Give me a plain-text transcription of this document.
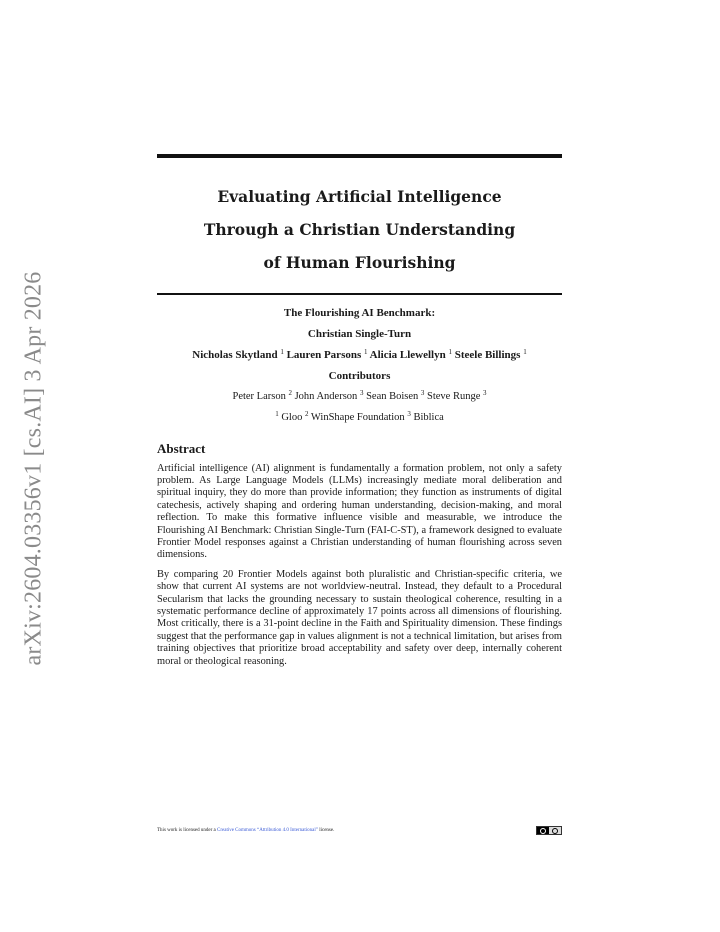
arXiv:2604.03356v1 [cs.AI] 3 Apr 2026
Evaluating Artificial Intelligence
Through a Christian Understanding
of Human Flourishing
The Flourishing AI Benchmark:
Christian Single-Turn
Nicholas Skytland $^1$ Lauren Parsons $^1$ Alicia Llewellyn $^1$ Steele Billings $^1$
Contributors
Peter Larson $^2$ John Anderson $^3$ Sean Boisen $^3$ Steve Runge $^3$
$^1$ Gloo $^2$ WinShape Foundation $^3$ Biblica
Abstract

Artificial intelligence (AI) alignment is fundamentally a formation problem, not only a safety problem. As Large Language Models (LLMs) increasingly mediate moral deliberation and spiritual inquiry, they do more than provide information; they function as instruments of digital catechesis, actively shaping and ordering human understanding, decision-making, and moral reflection. To make this formative influence visible and measurable, we introduce the Flourishing AI Benchmark: Christian Single-Turn (FAI-C-ST), a framework designed to evaluate Frontier Model responses against a Christian understanding of human flourishing across seven dimensions.

By comparing 20 Frontier Models against both pluralistic and Christian-specific criteria, we show that current AI systems are not worldview-neutral. Instead, they default to a Procedural Secularism that lacks the grounding necessary to sustain theological coherence, resulting in a systematic performance decline of approximately 17 points across all dimensions of flourishing. Most critically, there is a 31-point decline in the Faith and Spirituality dimension. These findings suggest that the performance gap in values alignment is not a technical limitation, but arises from training objectives that prioritize broad acceptability and safety over deep, internally coherent moral or theological reasoning.

This work is licensed under a Creative Commons “Attribution 4.0 International” license.
